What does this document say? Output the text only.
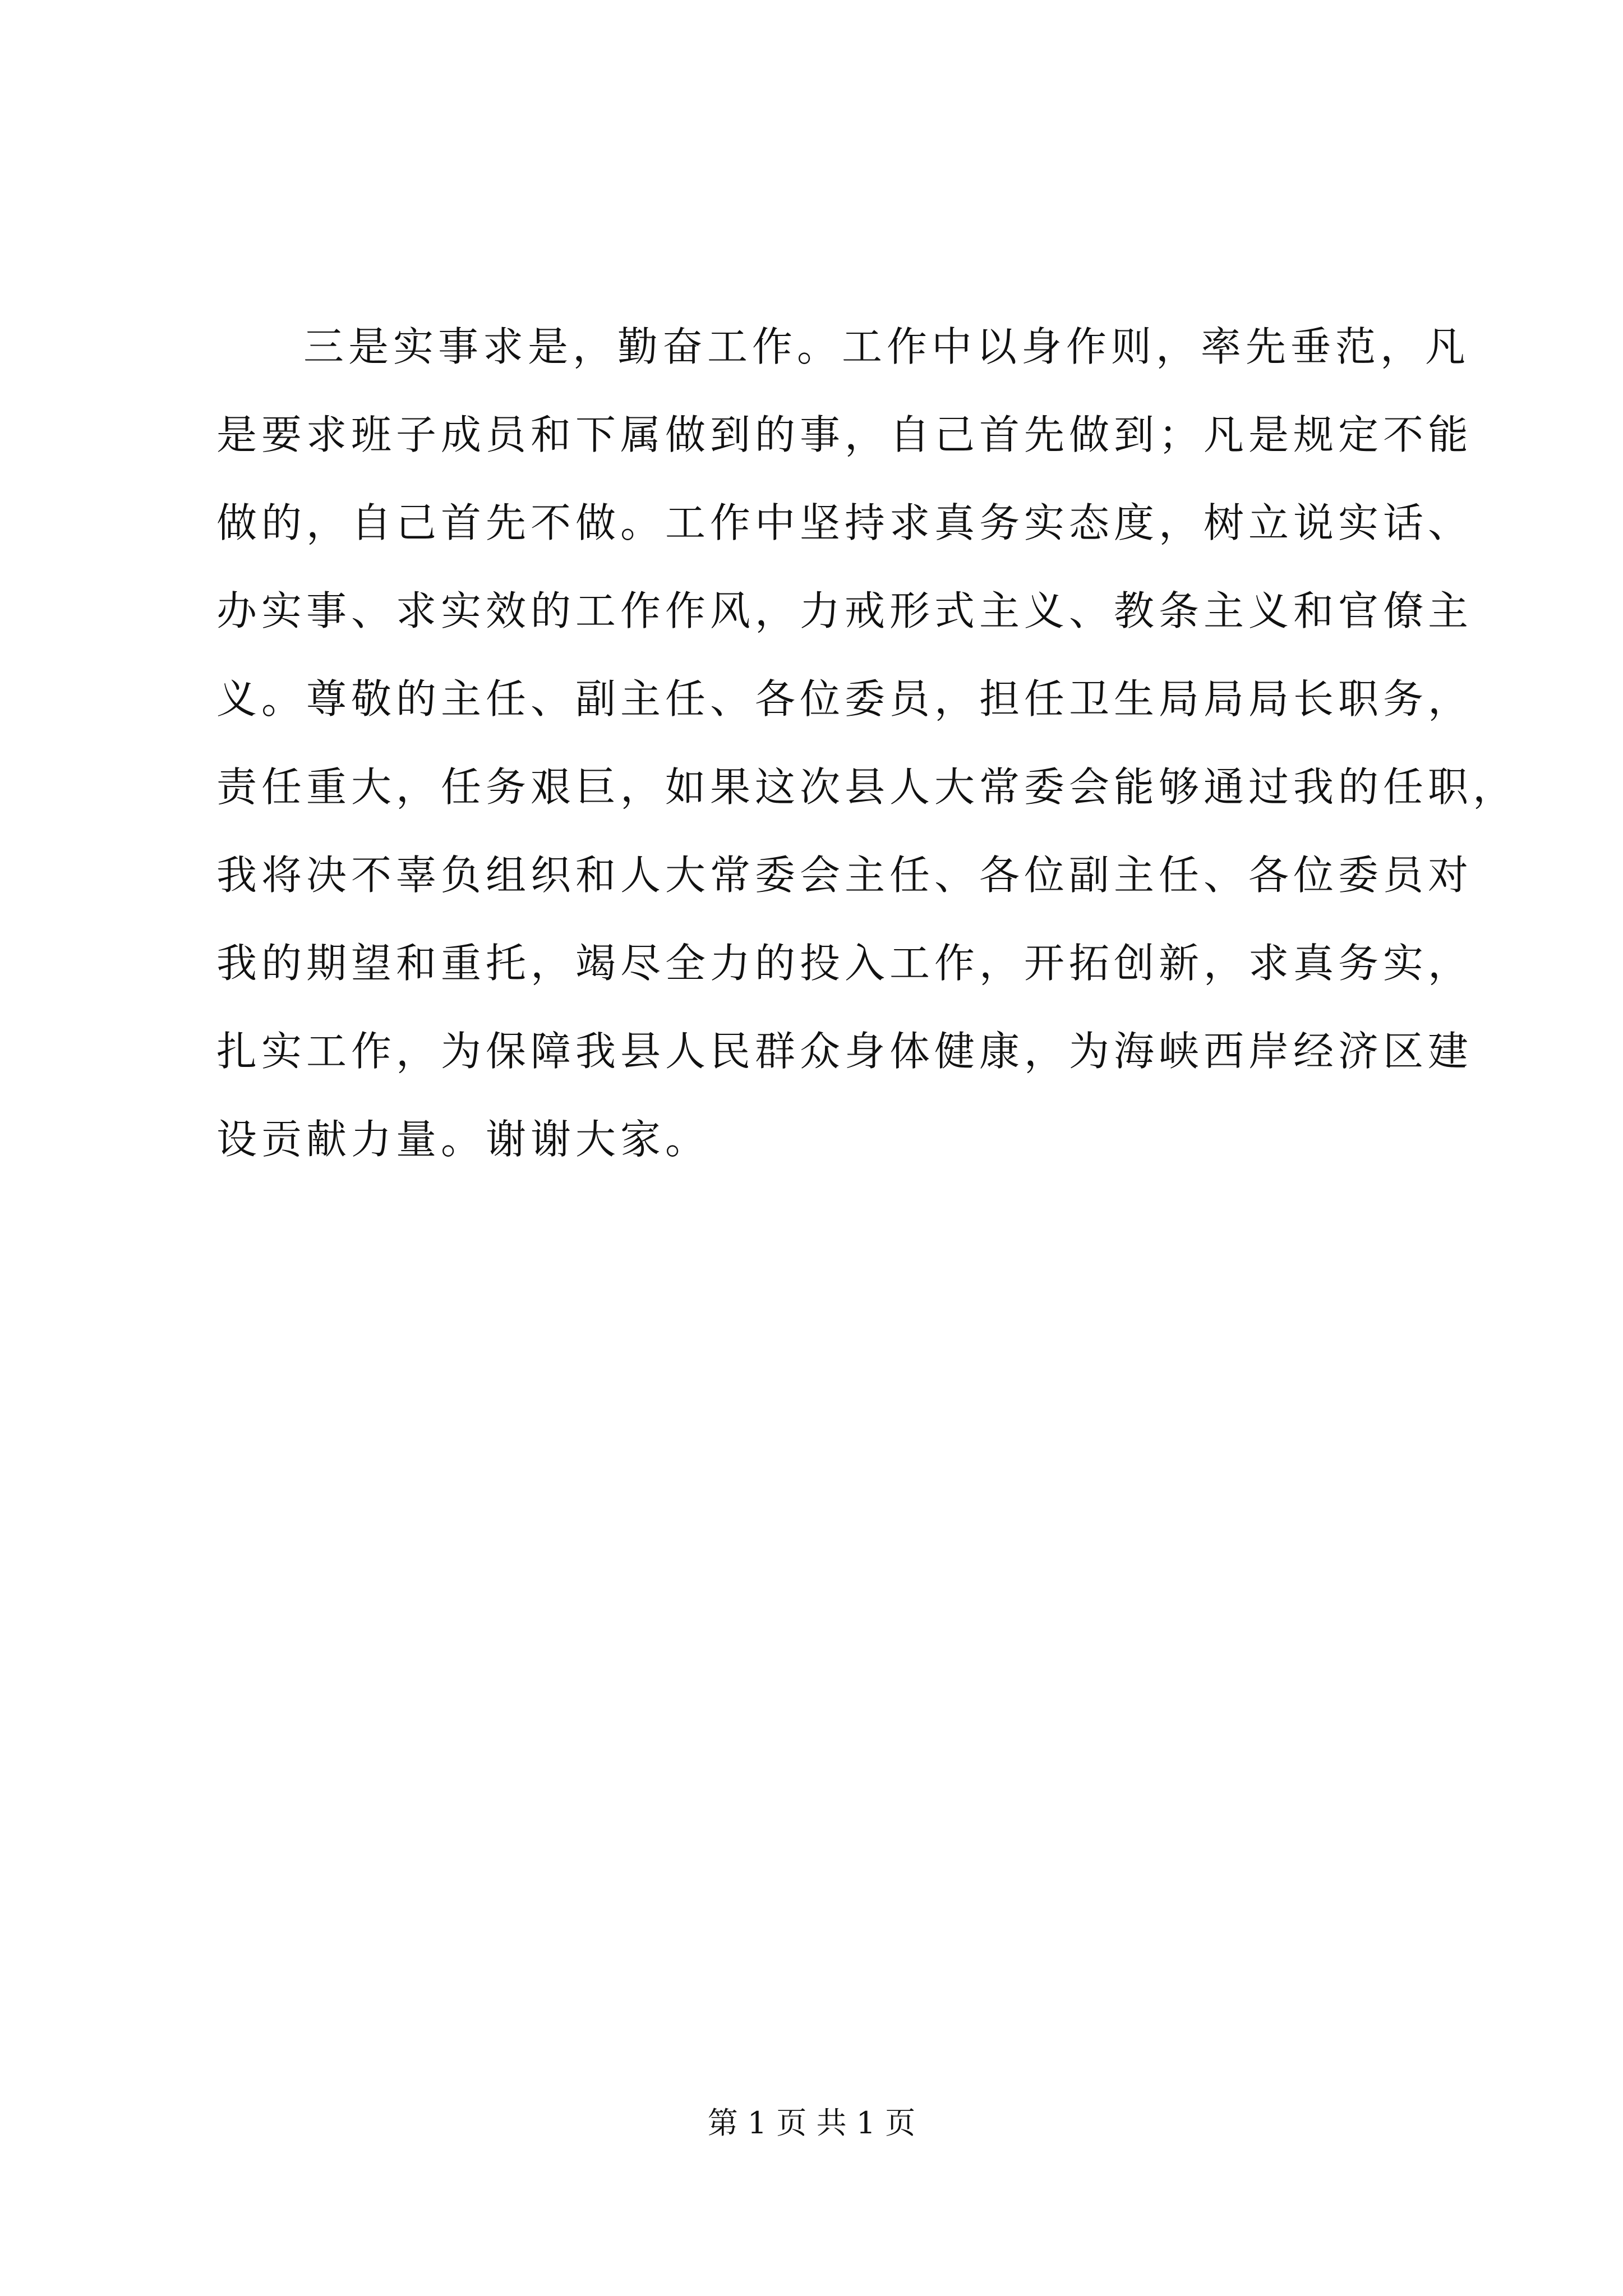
三是实事求是，勤奋工作。工作中以身作则，率先垂范，凡
是要求班子成员和下属做到的事，自己首先做到；凡是规定不能
做的，自己首先不做。工作中坚持求真务实态度，树立说实话、
办实事、求实效的工作作风，力戒形式主义、教条主义和官僚主
义。尊敬的主任、副主任、各位委员，担任卫生局局局长职务，
责任重大，任务艰巨，如果这次县人大常委会能够通过我的任职，
我将决不辜负组织和人大常委会主任、各位副主任、各位委员对
我的期望和重托，竭尽全力的投入工作，开拓创新，求真务实，
扎实工作，为保障我县人民群众身体健康，为海峡西岸经济区建
设贡献力量。谢谢大家。
第 1 页 共 1 页
